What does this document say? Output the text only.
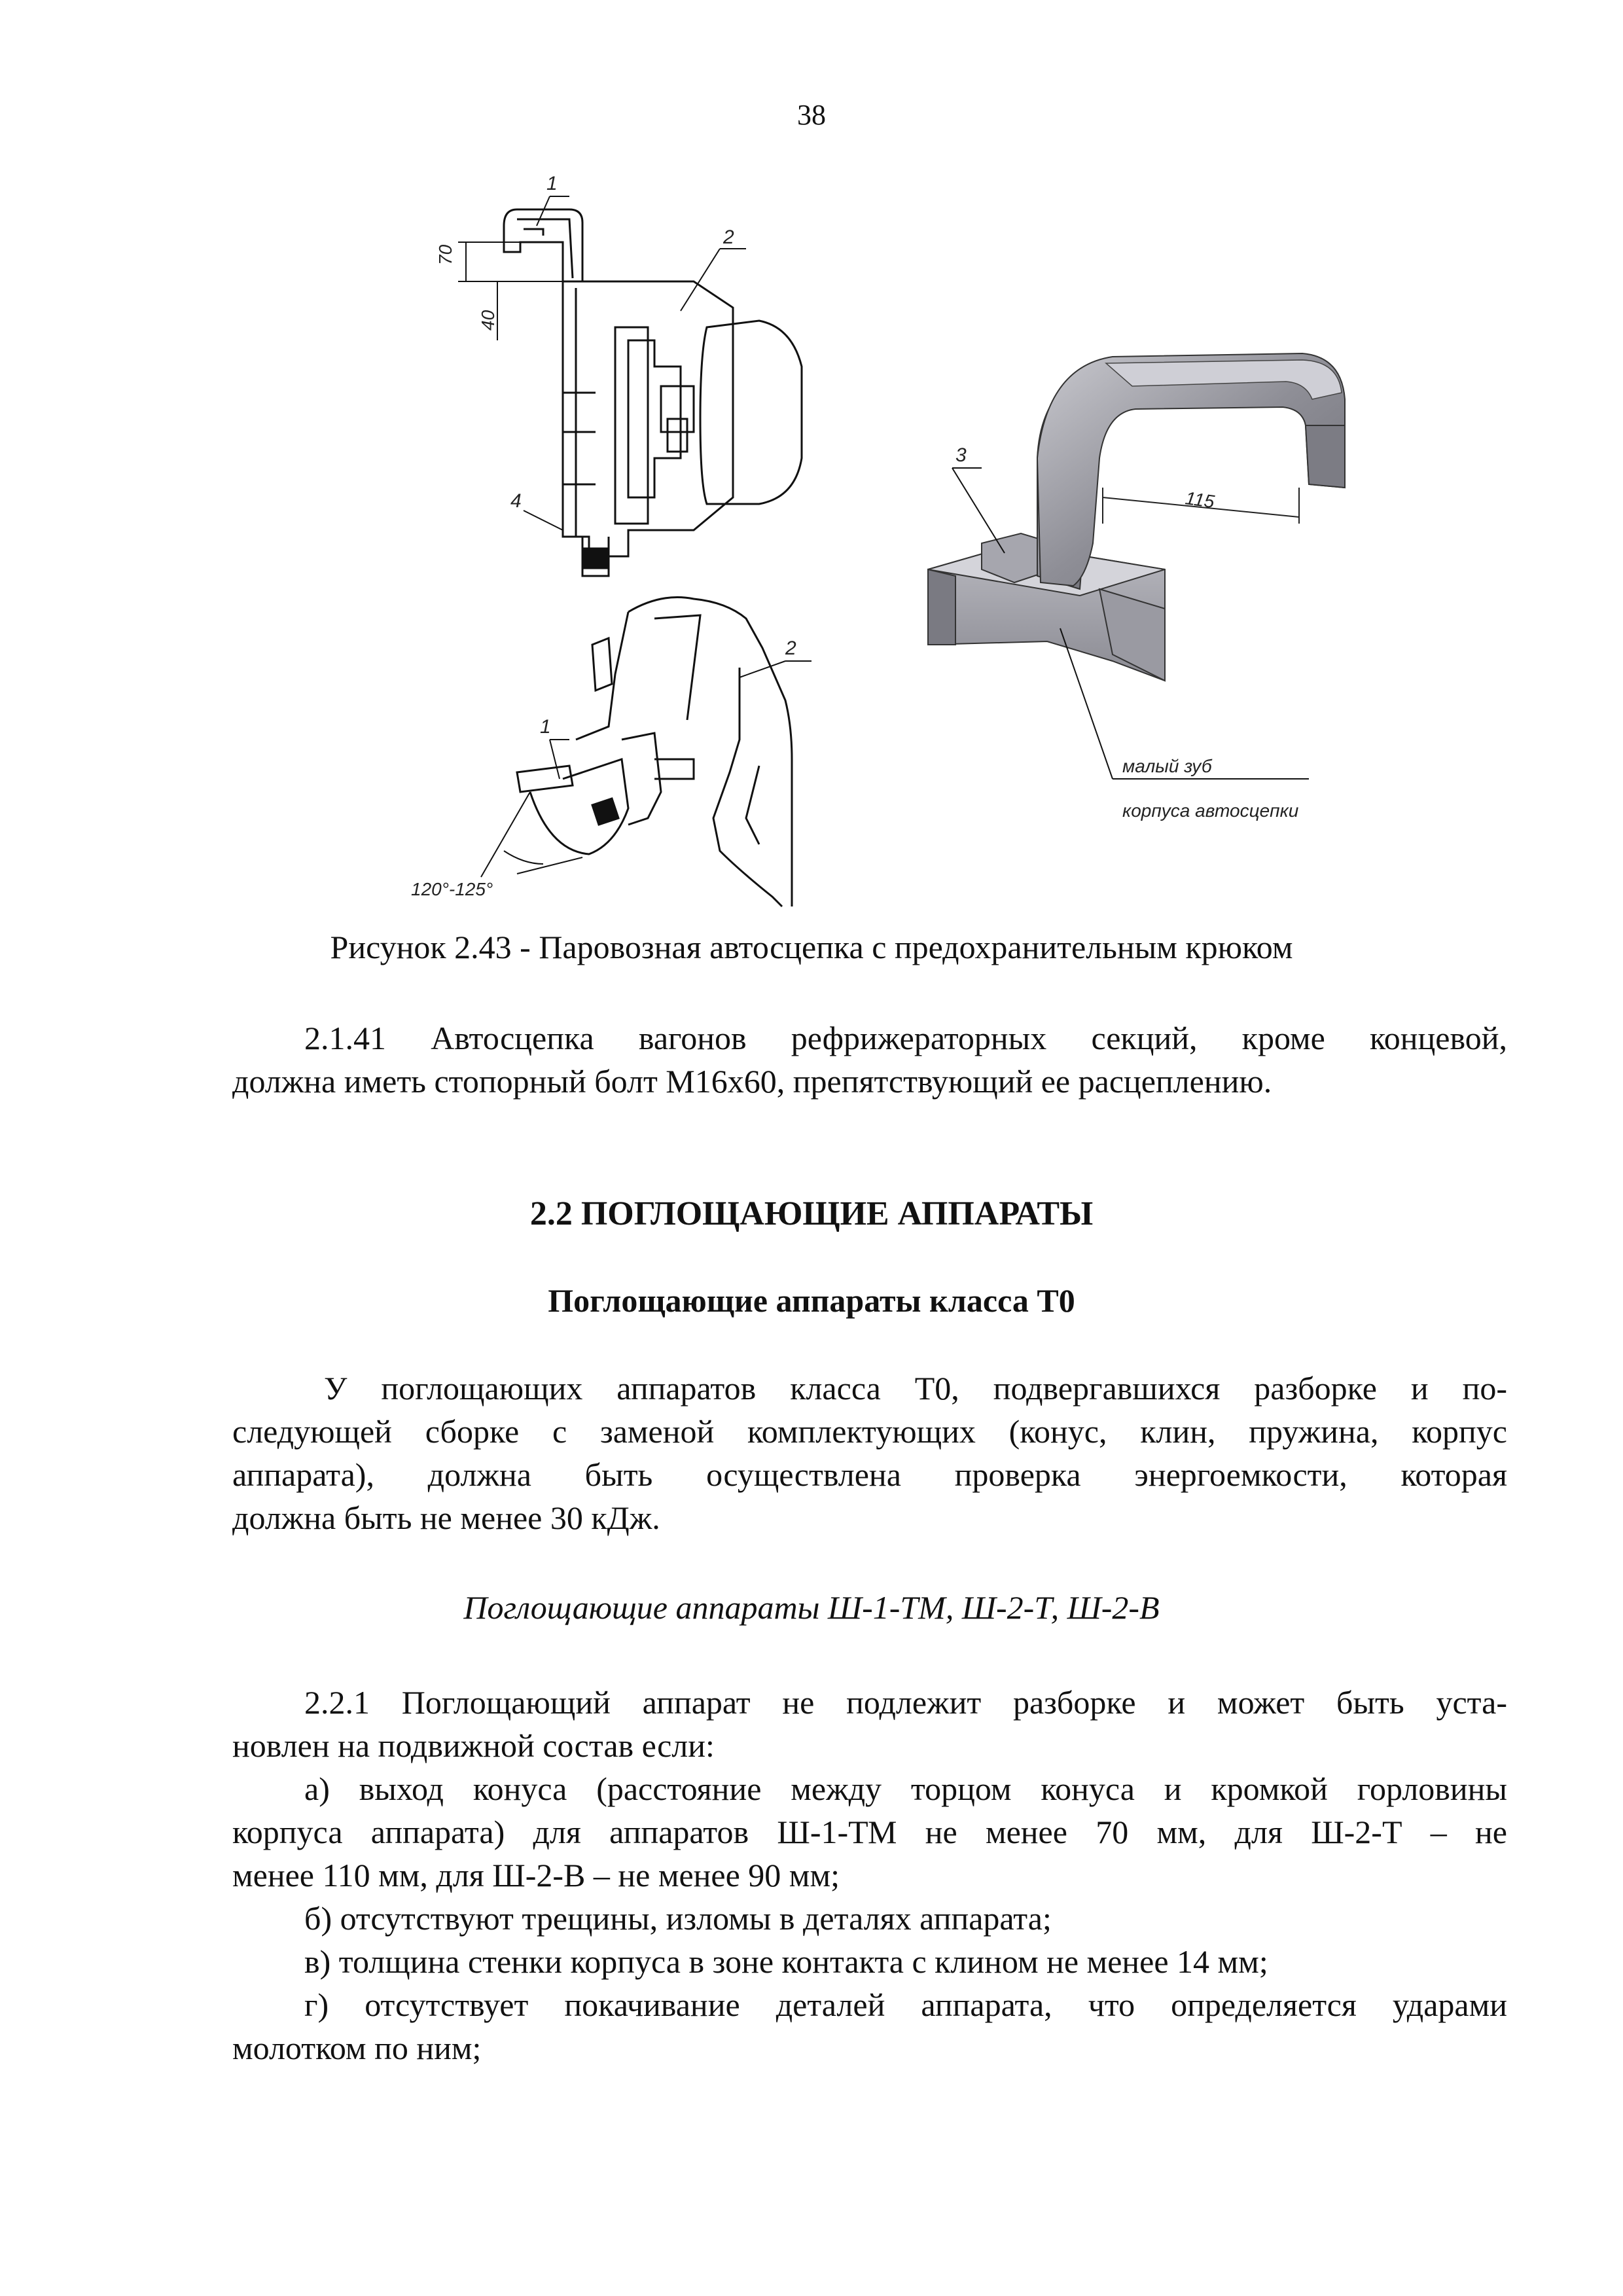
38
1
2
4
70
40
1
2
120°-125°
3
115
малый зуб
корпуса автосцепки
Рисунок 2.43 - Паровозная автосцепка с предохранительным крюком
2.1.41 Автосцепка вагонов рефрижераторных секций, кроме концевой,
должна иметь стопорный болт М16х60, препятствующий ее расцеплению.
2.2 ПОГЛОЩАЮЩИЕ АППАРАТЫ
Поглощающие аппараты класса Т0
У поглощающих аппаратов класса Т0, подвергавшихся разборке и по-
следующей сборке с заменой комплектующих (конус, клин, пружина, корпус
аппарата), должна быть осуществлена проверка энергоемкости, которая
должна быть не менее 30 кДж.
Поглощающие аппараты Ш-1-ТМ, Ш-2-Т, Ш-2-В
2.2.1 Поглощающий аппарат не подлежит разборке и может быть уста-
новлен на подвижной состав если:
а) выход конуса (расстояние между торцом конуса и кромкой горловины
корпуса аппарата) для аппаратов Ш-1-ТМ не менее 70 мм, для Ш-2-Т – не
менее 110 мм, для Ш-2-В – не менее 90 мм;
б) отсутствуют трещины, изломы в деталях аппарата;
в) толщина стенки корпуса в зоне контакта с клином не менее 14 мм;
г) отсутствует покачивание деталей аппарата, что определяется ударами
молотком по ним;
